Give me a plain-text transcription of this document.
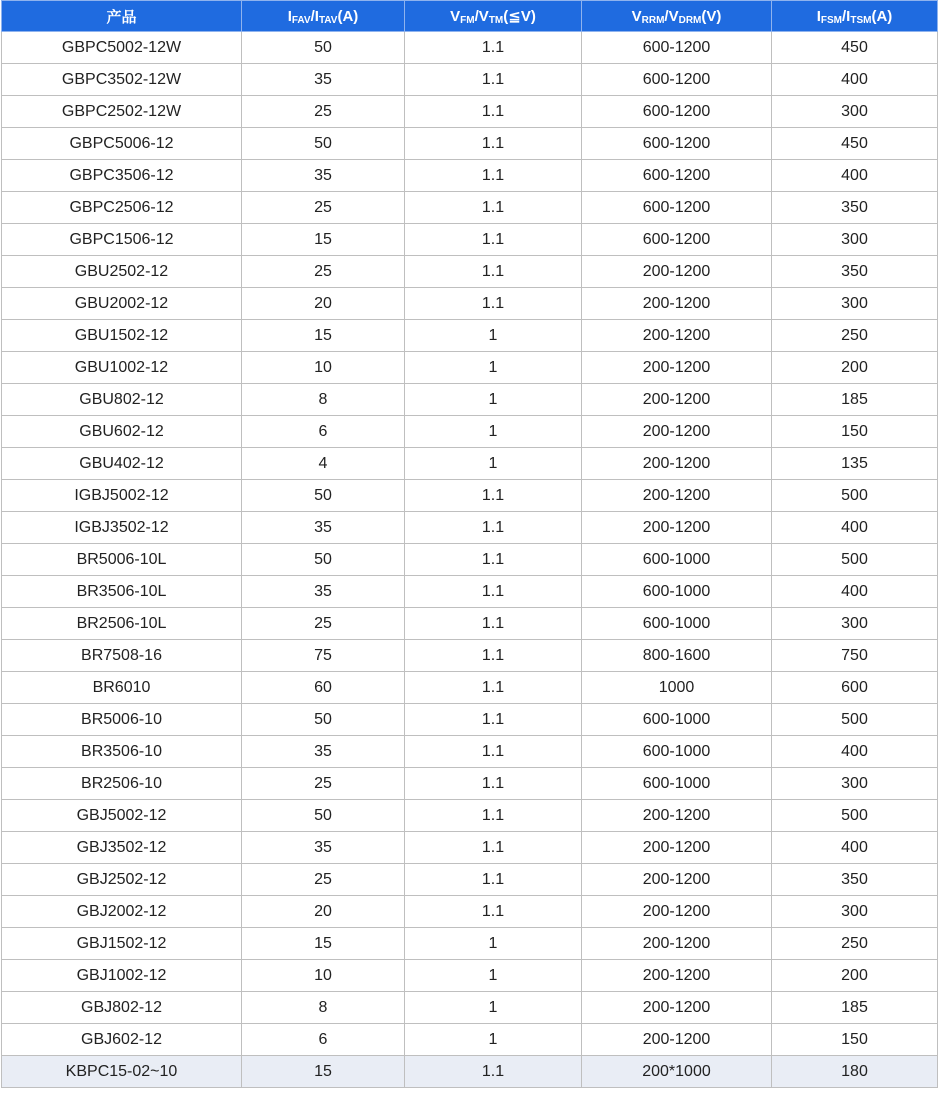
产品	$I_{FAV}/I_{TAV}(A)$	$V_{FM}/V_{TM}(≦V)$	$V_{RRM}/V_{DRM}(V)$	$I_{FSM}/I_{TSM}(A)$
GBPC5002-12W	50	1.1	600-1200	450
GBPC3502-12W	35	1.1	600-1200	400
GBPC2502-12W	25	1.1	600-1200	300
GBPC5006-12	50	1.1	600-1200	450
GBPC3506-12	35	1.1	600-1200	400
GBPC2506-12	25	1.1	600-1200	350
GBPC1506-12	15	1.1	600-1200	300
GBU2502-12	25	1.1	200-1200	350
GBU2002-12	20	1.1	200-1200	300
GBU1502-12	15	1	200-1200	250
GBU1002-12	10	1	200-1200	200
GBU802-12	8	1	200-1200	185
GBU602-12	6	1	200-1200	150
GBU402-12	4	1	200-1200	135
IGBJ5002-12	50	1.1	200-1200	500
IGBJ3502-12	35	1.1	200-1200	400
BR5006-10L	50	1.1	600-1000	500
BR3506-10L	35	1.1	600-1000	400
BR2506-10L	25	1.1	600-1000	300
BR7508-16	75	1.1	800-1600	750
BR6010	60	1.1	1000	600
BR5006-10	50	1.1	600-1000	500
BR3506-10	35	1.1	600-1000	400
BR2506-10	25	1.1	600-1000	300
GBJ5002-12	50	1.1	200-1200	500
GBJ3502-12	35	1.1	200-1200	400
GBJ2502-12	25	1.1	200-1200	350
GBJ2002-12	20	1.1	200-1200	300
GBJ1502-12	15	1	200-1200	250
GBJ1002-12	10	1	200-1200	200
GBJ802-12	8	1	200-1200	185
GBJ602-12	6	1	200-1200	150
KBPC15-02~10	15	1.1	200*1000	180
